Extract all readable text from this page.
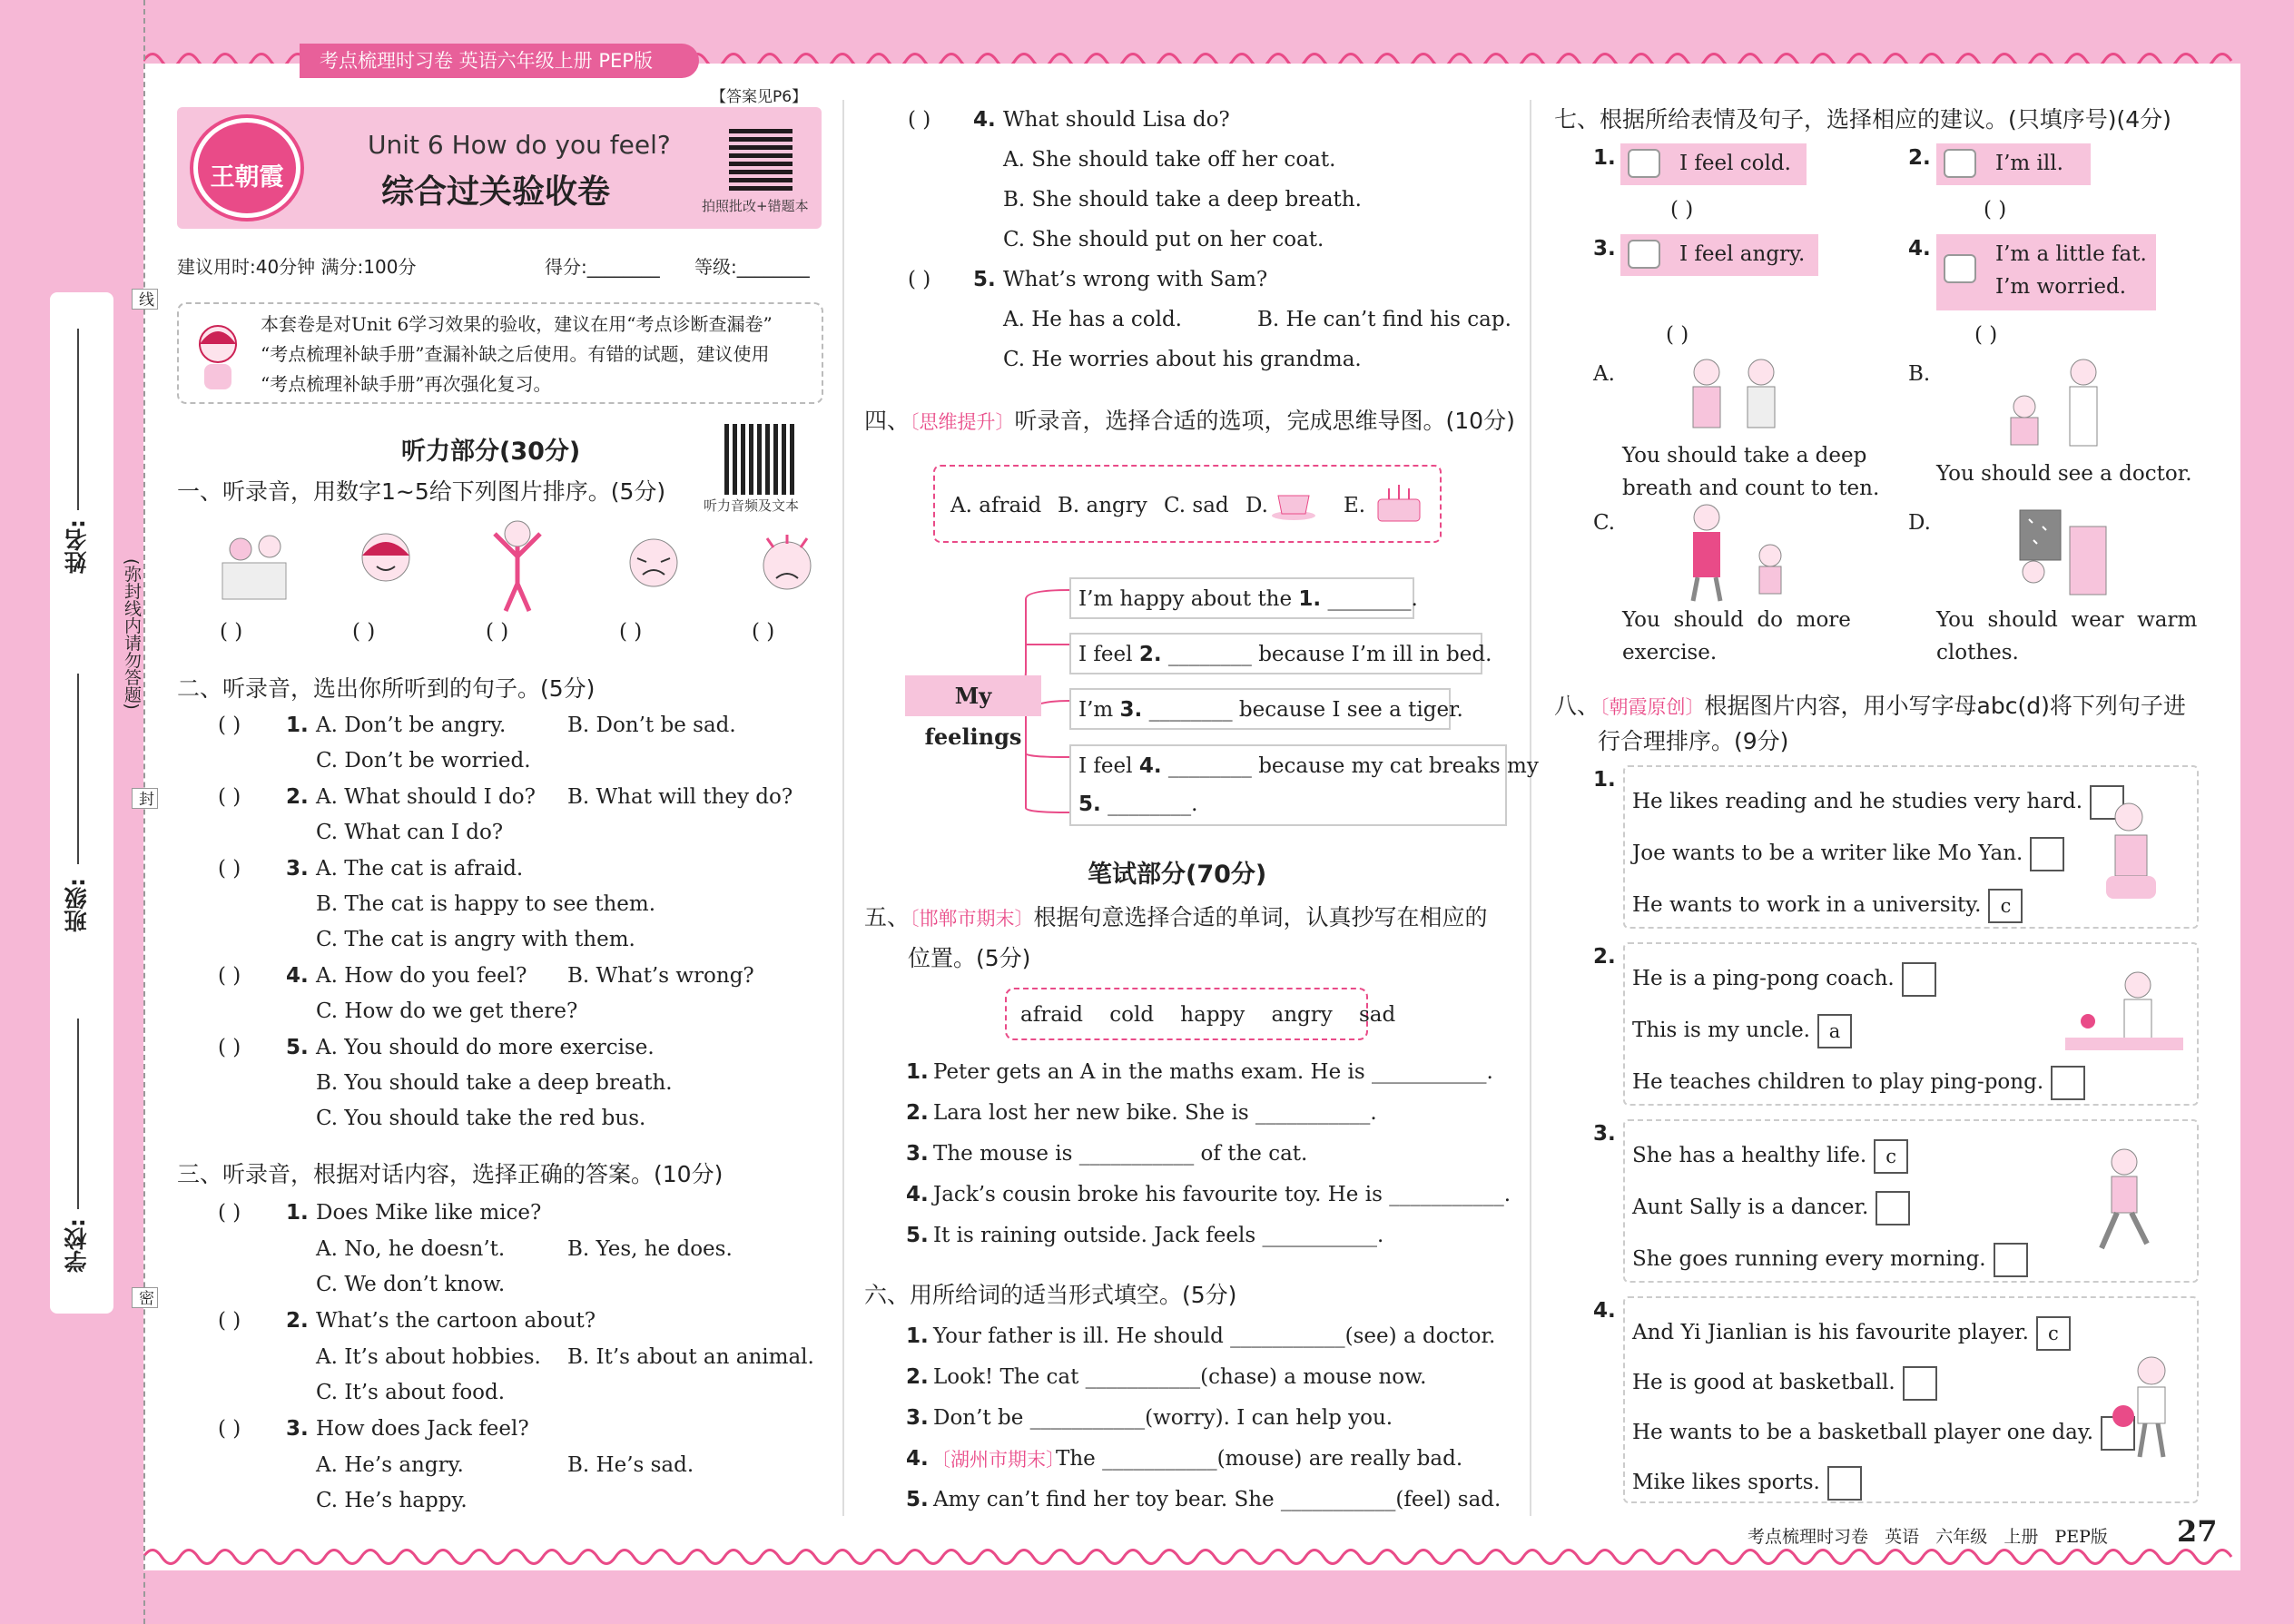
姓名:
班级:
学校:
线
封
密
(弥封线内请勿答题)
考点梳理时习卷 英语六年级上册 PEP版
【答案见P6】
王朝霞
Unit 6 How do you feel?
综合过关验收卷	拍照批改+错题本
建议用时:40分钟 满分:100分	得分:________ 等级:________
本套卷是对Unit 6学习效果的验收，建议在用“考点诊断查漏卷”
“考点梳理补缺手册”查漏补缺之后使用。有错的试题，建议使用
“考点梳理补缺手册”再次强化复习。
听力部分(30分)
听力音频及文本
一、听录音，用数字1~5给下列图片排序。(5分)
( )	( )	( )	( )	( )
二、听录音，选出你所听到的句子。(5分)
( ) 1. A. Don’t be angry.	B. Don’t be sad.
C. Don’t be worried.
( ) 2. A. What should I do? B. What will they do?
C. What can I do?
( ) 3. A. The cat is afraid.
B. The cat is happy to see them.
C. The cat is angry with them.
( ) 4. A. How do you feel? B. What’s wrong?
C. How do we get there?
( ) 5. A. You should do more exercise.
B. You should take a deep breath.
C. You should take the red bus.
三、听录音，根据对话内容，选择正确的答案。(10分)
( ) 1. Does Mike like mice?
A. No, he doesn’t.	B. Yes, he does.
C. We don’t know.
( ) 2. What’s the cartoon about?
A. It’s about hobbies. B. It’s about an animal.
C. It’s about food.
( ) 3. How does Jack feel?
A. He’s angry.	B. He’s sad.
C. He’s happy.
( ) 4. What should Lisa do?
A. She should take off her coat.
B. She should take a deep breath.
C. She should put on her coat.
( ) 5. What’s wrong with Sam?
A. He has a cold.	B. He can’t find his cap.
C. He worries about his grandma.
四、〔思维提升〕听录音，选择合适的选项，完成思维导图。(10分)
A. afraid B. angry C. sad D.	E.
My feelings
I’m happy about the 1. ________.
I feel 2. ________ because I’m ill in bed.
I’m 3. ________ because I see a tiger.
I feel 4. ________ because my cat breaks my
5. ________.
笔试部分(70分)
五、〔邯郸市期末〕根据句意选择合适的单词，认真抄写在相应的
位置。(5分)
afraid    cold    happy    angry    sad
1. Peter gets an A in the maths exam. He is ___________.
2. Lara lost her new bike. She is ___________.
3. The mouse is ___________ of the cat.
4. Jack’s cousin broke his favourite toy. He is ___________.
5. It is raining outside. Jack feels ___________.
六、用所给词的适当形式填空。(5分)
1. Your father is ill. He should ___________(see) a doctor.
2. Look! The cat ___________(chase) a mouse now.
3. Don’t be ___________(worry). I can help you.
4. 〔湖州市期末〕
The ___________(mouse) are really bad.
5. Amy can’t find her toy bear. She ___________(feel) sad.
七、根据所给表情及句子，选择相应的建议。(只填序号)(4分)
1.	I feel cold.	2.	I’m ill.
( )	( )
3.	I feel angry.	4.	I’m a little fat.
I’m worried.
( )	( )
A.
You should take a deep
breath and count to ten.
B.
You should see a doctor.
C.
You  should  do  more
exercise.
D.
You  should  wear  warm
clothes.
八、〔朝霞原创〕根据图片内容，用小写字母abc(d)将下列句子进
行合理排序。(9分)
1.
He likes reading and he studies very hard.
Joe wants to be a writer like Mo Yan.
He wants to work in a university. c
2.
He is a ping-pong coach.
This is my uncle. a
He teaches children to play ping-pong.
3.
She has a healthy life. c
Aunt Sally is a dancer.
She goes running every morning.
4.
And Yi Jianlian is his favourite player. c
He is good at basketball.
He wants to be a basketball player one day.
Mike likes sports.
考点梳理时习卷   英语   六年级   上册   PEP版 27
